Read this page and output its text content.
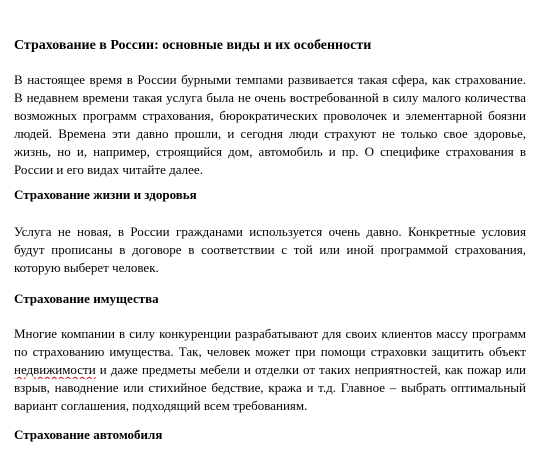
Страхование в России: основные виды и их особенности
В настоящее время в России бурными темпами развивается такая сфера, как страхование.
В недавнем времени такая услуга была не очень востребованной в силу малого количества
возможных программ страхования, бюрократических проволочек и элементарной боязни
людей. Времена эти давно прошли, и сегодня люди страхуют не только свое здоровье,
жизнь, но и, например, строящийся дом, автомобиль и пр. О специфике страхования в
России и его видах читайте далее.
Страхование жизни и здоровья
Услуга не новая, в России гражданами используется очень давно. Конкретные условия
будут прописаны в договоре в соответствии с той или иной программой страхования,
которую выберет человек.
Страхование имущества
Многие компании в силу конкуренции разрабатывают для своих клиентов массу программ
по страхованию имущества. Так, человек может при помощи страховки защитить объект
недвижимости и даже предметы мебели и отделки от таких неприятностей, как пожар или
взрыв, наводнение или стихийное бедствие, кража и т.д. Главное – выбрать оптимальный
вариант соглашения, подходящий всем требованиям.
Страхование автомобиля
